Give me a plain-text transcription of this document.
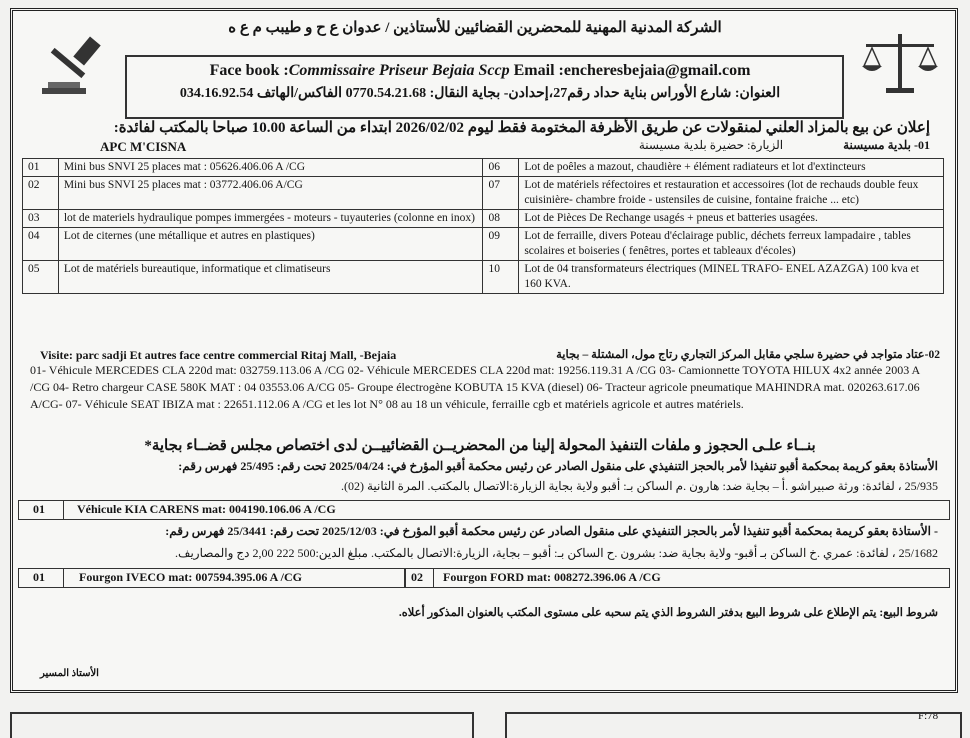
الشركة المدنية المهنية للمحضرين القضائيين للأستاذين / عدوان ع ح و طيبب م ع ه
Face book :Commissaire Priseur Bejaia Sccp Email :encheresbejaia@gmail.com
العنوان: شارع الأوراس بناية حداد رقم27،إحدادن- بجاية النقال: 0770.54.21.68 الفاكس/الهاتف 034.16.92.54
إعلان عن بيع بالمزاد العلني لمنقولات عن طريق الأظرفة المختومة فقط ليوم 2026/02/02 ابتداء من الساعة 10.00 صباحا بالمكتب لفائدة:
01- بلدية مسيسنة                    الزيارة: حضيرة بلدية مسيسنة
APC M'CISNA
01	Mini bus SNVI 25 places mat : 05626.406.06 A /CG	06	Lot de poêles a mazout, chaudière + élément radiateurs et lot d'extincteurs
02	Mini bus SNVI 25 places mat : 03772.406.06 A/CG	07	Lot de matériels réfectoires et restauration et accessoires (lot de rechauds double feux cuisinière- chambre froide - ustensiles de cuisine, fontaine fraiche ... etc)
03	lot de materiels hydraulique pompes immergées - moteurs - tuyauteries (colonne en inox)	08	Lot de Pièces De Rechange usagés + pneus et batteries usagées.
04	Lot de citernes (une métallique et autres en plastiques)	09	Lot de ferraille, divers Poteau d'éclairage public, déchets ferreux lampadaire , tables scolaires et boiseries ( fenêtres, portes et tableaux d'écoles)
05	Lot de matériels bureautique, informatique et climatiseurs	10	Lot de 04 transformateurs électriques (MINEL TRAFO- ENEL AZAZGA) 100 kva et 160 KVA.
Visite: parc sadji Et autres face centre commercial Ritaj Mall, -Bejaia	02-عتاد متواجد في حضيرة سلجي مقابل المركز التجاري رتاج مول، المشتلة – بجاية
01- Véhicule MERCEDES CLA 220d mat: 032759.113.06 A /CG 02- Véhicule MERCEDES CLA 220d mat: 19256.119.31 A /CG 03- Camionnette TOYOTA HILUX 4x2 année 2003 A /CG 04- Retro chargeur CASE 580K MAT : 04 03553.06 A/CG 05- Groupe électrogène KOBUTA 15 KVA (diesel) 06- Tracteur agricole pneumatique MAHINDRA mat. 020263.617.06 A/CG- 07- Véhicule SEAT IBIZA mat : 22651.112.06 A /CG et les lot N° 08 au 18 un véhicule, ferraille cgb et matériels agricole et autres matériels.
بنــاء علـى الحجوز و ملفات التنفيذ المحولة إلينا من المحضريــن القضائييــن لدى اختصاص مجلس قضــاء بجاية*
الأستاذة بعقو كريمة بمحكمة أقبو تنفيذا لأمر بالحجز التنفيذي على منقول الصادر عن رئيس محكمة أقبو المؤرخ في: 2025/04/24 تحت رقم: 25/495 فهرس رقم:
25/935 ، لفائدة: ورثة صبيراشو .أ – بجاية ضد: هارون .م الساكن بـ: أقبو ولاية بجاية الزيارة:الاتصال بالمكتب. المرة الثانية (02).
01	Véhicule KIA CARENS mat: 004190.106.06 A /CG
- الأستاذة بعقو كريمة بمحكمة أقبو تنفيذا لأمر بالحجز التنفيذي على منقول الصادر عن رئيس محكمة أقبو المؤرخ في: 2025/12/03 تحت رقم: 25/3441 فهرس رقم:
25/1682 ، لفائدة: عمري .خ الساكن بـ أقبو- ولاية بجاية ضد: بشرون .ح الساكن بـ: أقبو – بجاية، الزيارة:الاتصال بالمكتب. مبلغ الدين:500 222 2,00 دج والمصاريف.
01	Fourgon IVECO mat: 007594.395.06 A /CG	02 Fourgon FORD mat: 008272.396.06 A /CG
شروط البيع: يتم الإطلاع على شروط البيع بدفتر الشروط الذي يتم سحبه على مستوى المكتب بالعنوان المذكور أعلاه.
الأستاذ المسير
F:78
